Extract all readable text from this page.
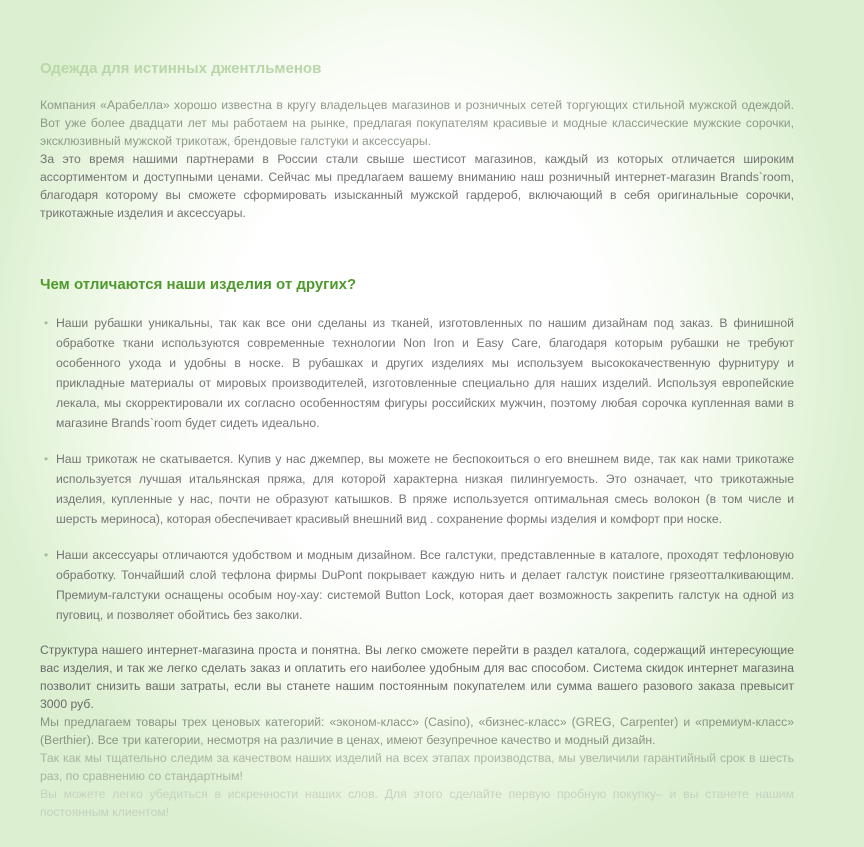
Одежда для истинных джентльменов

Компания «Арабелла» хорошо известна в кругу владельцев магазинов и розничных сетей торгующих стильной мужской одеждой. Вот уже более двадцати лет мы работаем на рынке, предлагая покупателям красивые и модные классические мужские сорочки, эксклюзивный мужской трикотаж, брендовые галстуки и аксессуары.

За это время нашими партнерами в России стали свыше шестисот магазинов, каждый из которых отличается широким ассортиментом и доступными ценами. Сейчас мы предлагаем вашему вниманию наш розничный интернет-магазин Brands`room, благодаря которому вы сможете сформировать изысканный мужской гардероб, включающий в себя оригинальные сорочки, трикотажные изделия и аксессуары.

Чем отличаются наши изделия от других?
• Наши рубашки уникальны, так как все они сделаны из тканей, изготовленных по нашим дизайнам под заказ. В финишной обработке ткани используются современные технологии Non Iron и Easy Care, благодаря которым рубашки не требуют особенного ухода и удобны в носке. В рубашках и других изделиях мы используем высококачественную фурнитуру и прикладные материалы от мировых производителей, изготовленные специально для наших изделий. Используя европейские лекала, мы скорректировали их согласно особенностям фигуры российских мужчин, поэтому любая сорочка купленная вами в магазине Brands`room будет сидеть идеально.
• Наш трикотаж не скатывается. Купив у нас джемпер, вы можете не беспокоиться о его внешнем виде, так как нами трикотаже используется лучшая итальянская пряжа, для которой характерна низкая пилингуемость. Это означает, что трикотажные изделия, купленные у нас, почти не образуют катышков. В пряже используется оптимальная смесь волокон (в том числе и шерсть мериноса), которая обеспечивает красивый внешний вид . сохранение формы изделия и комфорт при носке.
• Наши аксессуары отличаются удобством и модным дизайном. Все галстуки, представленные в каталоге, проходят тефлоновую обработку. Тончайший слой тефлона фирмы DuPont покрывает каждую нить и делает галстук поистине грязеотталкивающим. Премиум-галстуки оснащены особым ноу-хау: системой Button Lock, которая дает возможность закрепить галстук на одной из пуговиц, и позволяет обойтись без заколки.

Структура нашего интернет-магазина проста и понятна. Вы легко сможете перейти в раздел каталога, содержащий интересующие вас изделия, и так же легко сделать заказ и оплатить его наиболее удобным для вас способом. Система скидок интернет магазина позволит снизить ваши затраты, если вы станете нашим постоянным покупателем или сумма вашего разового заказа превысит 3000 руб.

Мы предлагаем товары трех ценовых категорий: «эконом-класс» (Casino), «бизнес-класс» (GREG, Carpenter) и «премиум-класс» (Berthier). Все три категории, несмотря на различие в ценах, имеют безупречное качество и модный дизайн.

Так как мы тщательно следим за качеством наших изделий на всех этапах производства, мы увеличили гарантийный срок в шесть раз, по сравнению со стандартным!

Вы можете легко убедиться в искренности наших слов. Для этого сделайте первую пробную покупку– и вы станете нашим постоянным клиентом!
